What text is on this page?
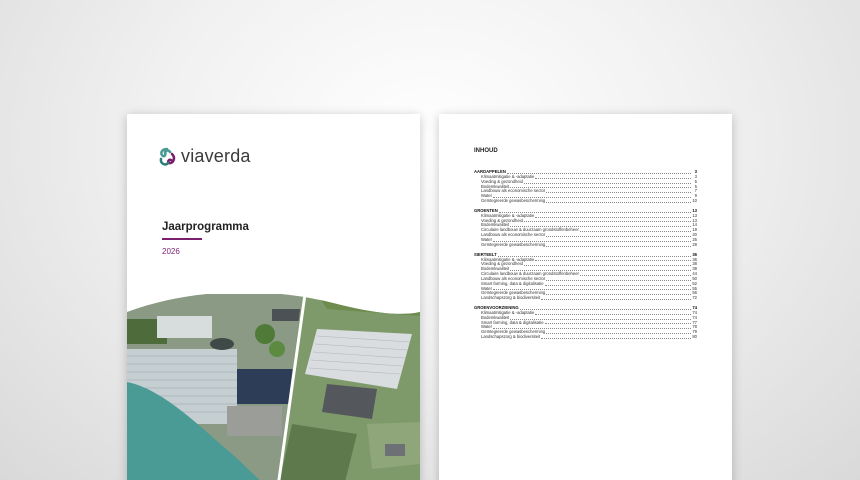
viaverda
Jaarprogramma
2026
INHOUD
AARDAPPELEN	3
Klimaatmitigatie & -adaptatie	3
Voeding & gezondheid	5
Bodemkwaliteit	5
Landbouw als economische sector	7
Water	9
Geïntegreerde gewasbescherming	10
GROENTEN	13
Klimaatmitigatie & -adaptatie	13
Voeding & gezondheid	13
Bodemkwaliteit	14
Circulaire landbouw & duurzaam grondstoffenbeheer	19
Landbouw als economische sector	20
Water	25
Geïntegreerde gewasbescherming	28
SIERTEELT	36
Klimaatmitigatie & -adaptatie	36
Voeding & gezondheid	38
Bodemkwaliteit	38
Circulaire landbouw & duurzaam grondstoffenbeheer	44
Landbouw als economische sector	50
Smart farming, data & digitalisatie	52
Water	55
Geïntegreerde gewasbescherming	56
Landschapszorg & biodiversiteit	72
GROENVOORZIENING	74
Klimaatmitigatie & -adaptatie	74
Bodemkwaliteit	74
Smart farming, data & digitalisatie	77
Water	78
Geïntegreerde gewasbescherming	79
Landschapszorg & biodiversiteit	80
